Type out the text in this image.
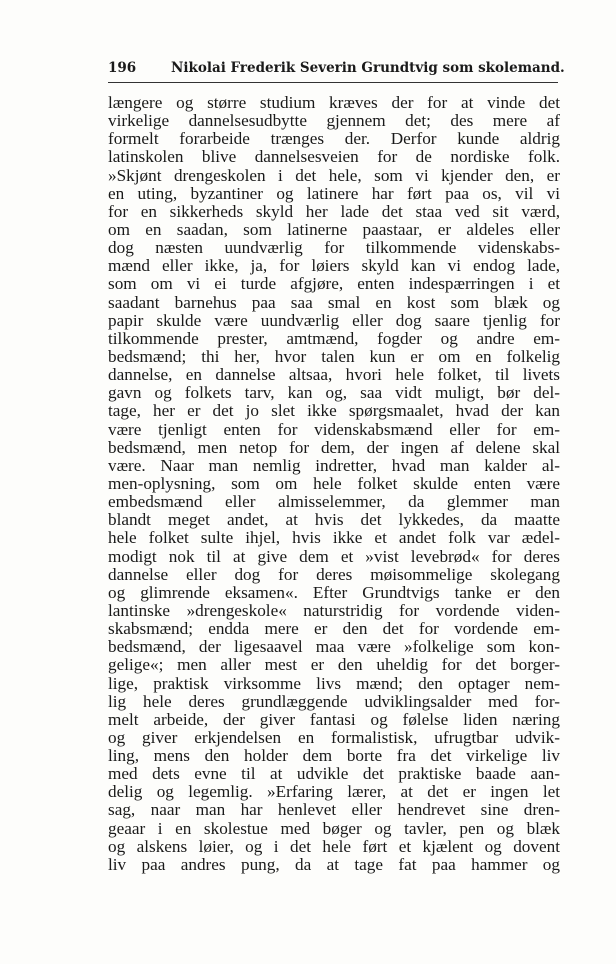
196	Nikolai Frederik Severin Grundtvig som skolemand.
længere og større studium kræves der for at vinde det
virkelige dannelsesudbytte gjennem det; des mere af
formelt forarbeide trænges der. Derfor kunde aldrig
latinskolen blive dannelsesveien for de nordiske folk.
»Skjønt drengeskolen i det hele, som vi kjender den, er
en uting, byzantiner og latinere har ført paa os, vil vi
for en sikkerheds skyld her lade det staa ved sit værd,
om en saadan, som latinerne paastaar, er aldeles eller
dog næsten uundværlig for tilkommende videnskabs-
mænd eller ikke, ja, for løiers skyld kan vi endog lade,
som om vi ei turde afgjøre, enten indespærringen i et
saadant barnehus paa saa smal en kost som blæk og
papir skulde være uundværlig eller dog saare tjenlig for
tilkommende prester, amtmænd, fogder og andre em-
bedsmænd; thi her, hvor talen kun er om en folkelig
dannelse, en dannelse altsaa, hvori hele folket, til livets
gavn og folkets tarv, kan og, saa vidt muligt, bør del-
tage, her er det jo slet ikke spørgsmaalet, hvad der kan
være tjenligt enten for videnskabsmænd eller for em-
bedsmænd, men netop for dem, der ingen af delene skal
være. Naar man nemlig indretter, hvad man kalder al-
men-oplysning, som om hele folket skulde enten være
embedsmænd eller almisselemmer, da glemmer man
blandt meget andet, at hvis det lykkedes, da maatte
hele folket sulte ihjel, hvis ikke et andet folk var ædel-
modigt nok til at give dem et »vist levebrød« for deres
dannelse eller dog for deres møisommelige skolegang
og glimrende eksamen«. Efter Grundtvigs tanke er den
lantinske »drengeskole« naturstridig for vordende viden-
skabsmænd; endda mere er den det for vordende em-
bedsmænd, der ligesaavel maa være »folkelige som kon-
gelige«; men aller mest er den uheldig for det borger-
lige, praktisk virksomme livs mænd; den optager nem-
lig hele deres grundlæggende udviklingsalder med for-
melt arbeide, der giver fantasi og følelse liden næring
og giver erkjendelsen en formalistisk, ufrugtbar udvik-
ling, mens den holder dem borte fra det virkelige liv
med dets evne til at udvikle det praktiske baade aan-
delig og legemlig. »Erfaring lærer, at det er ingen let
sag, naar man har henlevet eller hendrevet sine dren-
geaar i en skolestue med bøger og tavler, pen og blæk
og alskens løier, og i det hele ført et kjælent og dovent
liv paa andres pung, da at tage fat paa hammer og
